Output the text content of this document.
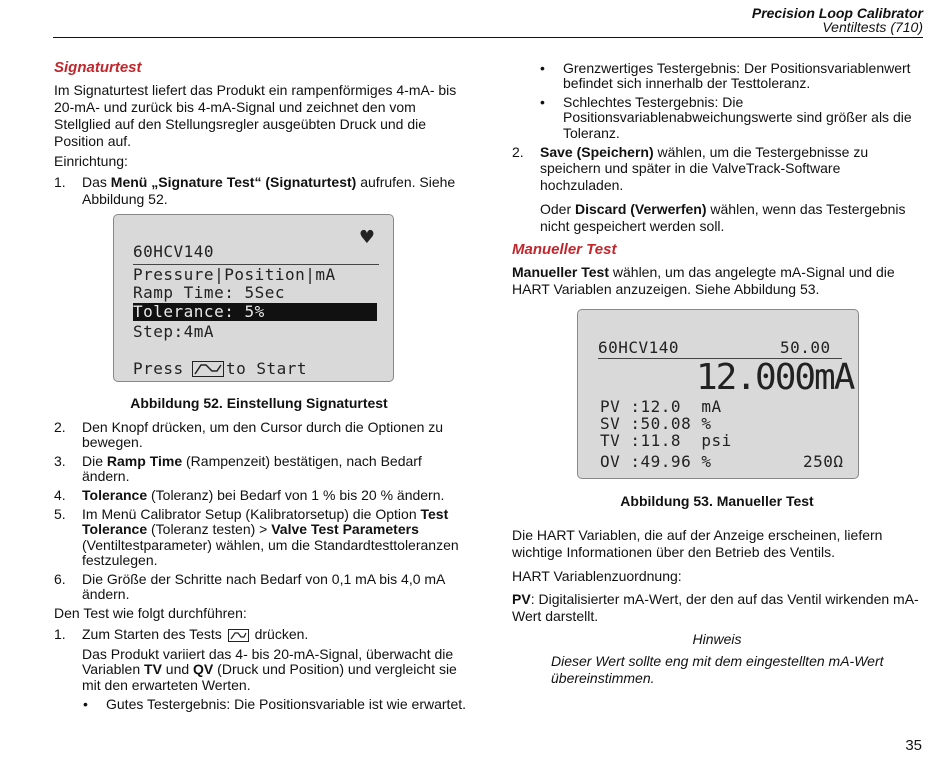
Precision Loop Calibrator
Ventiltests (710)
Signaturtest
Im Signaturtest liefert das Produkt ein rampenförmiges 4-mA- bis
20-mA- und zurück bis 4-mA-Signal und zeichnet den vom
Stellglied auf den Stellungsregler ausgeübten Druck und die
Position auf.
Einrichtung:
1. Das Menü „Signature Test“ (Signaturtest) aufrufen. Siehe
Abbildung 52.
60HCV140
♥
Pressure|Position|mA
Ramp Time: 5Sec
Tolerance: 5%
Step:4mA
Press	to Start
Abbildung 52. Einstellung Signaturtest
2. Den Knopf drücken, um den Cursor durch die Optionen zu
bewegen.
3. Die Ramp Time (Rampenzeit) bestätigen, nach Bedarf
ändern.
4. Tolerance (Toleranz) bei Bedarf von 1 % bis 20 % ändern.
5. Im Menü Calibrator Setup (Kalibratorsetup) die Option Test
Tolerance (Toleranz testen) > Valve Test Parameters
(Ventiltestparameter) wählen, um die Standardtesttoleranzen
festzulegen.
6. Die Größe der Schritte nach Bedarf von 0,1 mA bis 4,0 mA
ändern.
Den Test wie folgt durchführen:
1. Zum Starten des Tests drücken.
Das Produkt variiert das 4- bis 20-mA-Signal, überwacht die
Variablen TV und QV (Druck und Position) und vergleicht sie
mit den erwarteten Werten.
• Gutes Testergebnis: Die Positionsvariable ist wie erwartet.
• Grenzwertiges Testergebnis: Der Positionsvariablenwert
befindet sich innerhalb der Testtoleranz.
• Schlechtes Testergebnis: Die
Positionsvariablenabweichungswerte sind größer als die
Toleranz.
2. Save (Speichern) wählen, um die Testergebnisse zu
speichern und später in die ValveTrack-Software
hochzuladen.
Oder Discard (Verwerfen) wählen, wenn das Testergebnis
nicht gespeichert werden soll.
Manueller Test
Manueller Test wählen, um das angelegte mA-Signal und die
HART Variablen anzuzeigen. Siehe Abbildung 53.
60HCV140	50.00
12.000mA
PV :12.0  mA
SV :50.08 %
TV :11.8  psi
OV :49.96 %	250Ω
Abbildung 53. Manueller Test
Die HART Variablen, die auf der Anzeige erscheinen, liefern
wichtige Informationen über den Betrieb des Ventils.
HART Variablenzuordnung:
PV: Digitalisierter mA-Wert, der den auf das Ventil wirkenden mA-
Wert darstellt.
Hinweis
Dieser Wert sollte eng mit dem eingestellten mA-Wert
übereinstimmen.
35
